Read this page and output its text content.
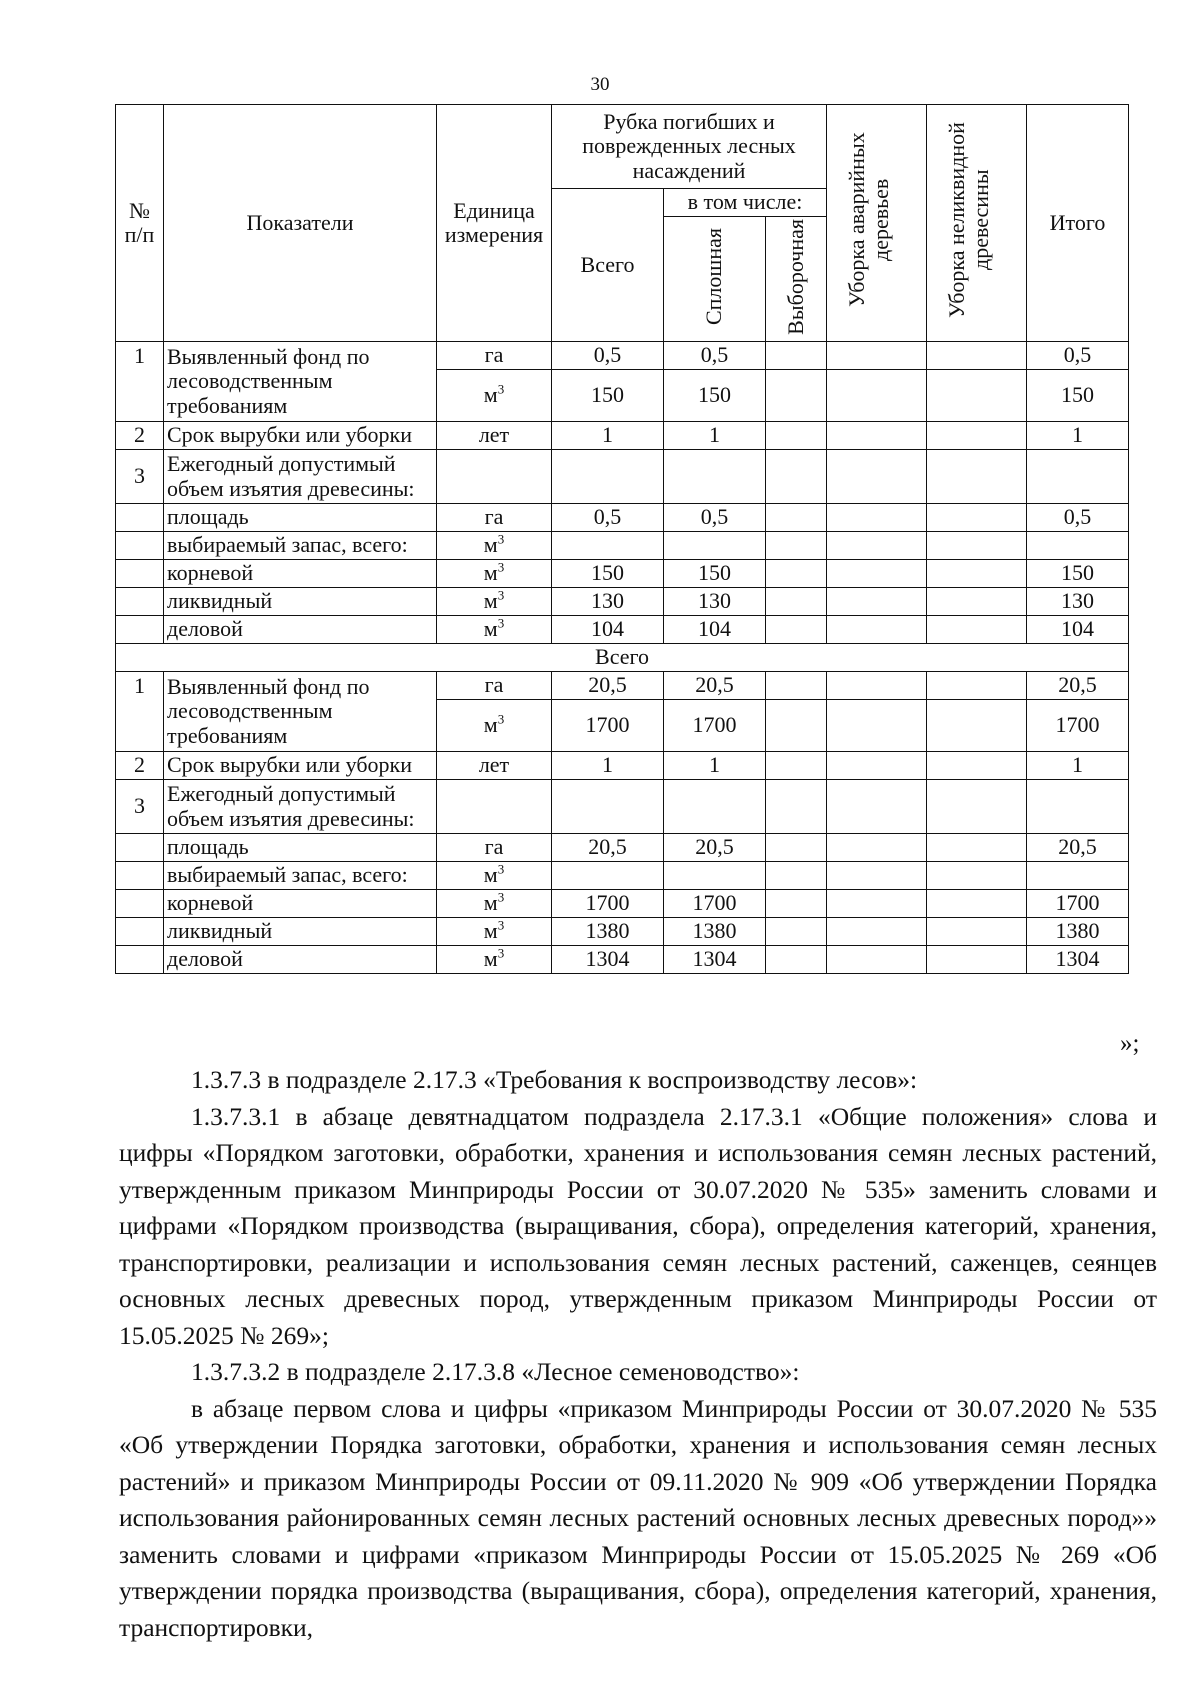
30
№ п/п	Показатели	Единица измерения	Рубка погибших и поврежденных лесных насаждений			Уборка аварийных деревьев	Уборка неликвидной древесины	Итого
			Всего	в том числе:				
				Сплошная	Выборочная			
1	Выявленный фонд по лесоводственным требованиям	га	0,5	0,5				0,5
		$м^3$	150	150				150
2	Срок вырубки или уборки	лет	1	1				1
3	Ежегодный допустимый объем изъятия древесины:							
	площадь	га	0,5	0,5				0,5
	выбираемый запас, всего:	$м^3$						
	корневой	$м^3$	150	150				150
	ликвидный	$м^3$	130	130				130
	деловой	$м^3$	104	104				104
Всего								
1	Выявленный фонд по лесоводственным требованиям	га	20,5	20,5				20,5
		$м^3$	1700	1700				1700
2	Срок вырубки или уборки	лет	1	1				1
3	Ежегодный допустимый объем изъятия древесины:							
	площадь	га	20,5	20,5				20,5
	выбираемый запас, всего:	$м^3$						
	корневой	$м^3$	1700	1700				1700
	ликвидный	$м^3$	1380	1380				1380
	деловой	$м^3$	1304	1304				1304
»;

1.3.7.3 в подразделе 2.17.3 «Требования к воспроизводству лесов»:

1.3.7.3.1 в абзаце девятнадцатом подраздела 2.17.3.1 «Общие положения» слова и цифры «Порядком заготовки, обработки, хранения и использования семян лесных растений, утвержденным приказом Минприроды России от 30.07.2020 № 535» заменить словами и цифрами «Порядком производства (выращивания, сбора), определения категорий, хранения, транспортировки, реализации и использования семян лесных растений, саженцев, сеянцев основных лесных древесных пород, утвержденным приказом Минприроды России от 15.05.2025 № 269»;

1.3.7.3.2 в подразделе 2.17.3.8 «Лесное семеноводство»:

в абзаце первом слова и цифры «приказом Минприроды России от 30.07.2020 № 535 «Об утверждении Порядка заготовки, обработки, хранения и использования семян лесных растений» и приказом Минприроды России от 09.11.2020 № 909 «Об утверждении Порядка использования районированных семян лесных растений основных лесных древесных пород»» заменить словами и цифрами «приказом Минприроды России от 15.05.2025 № 269 «Об утверждении порядка производства (выращивания, сбора), определения категорий, хранения, транспортировки,
